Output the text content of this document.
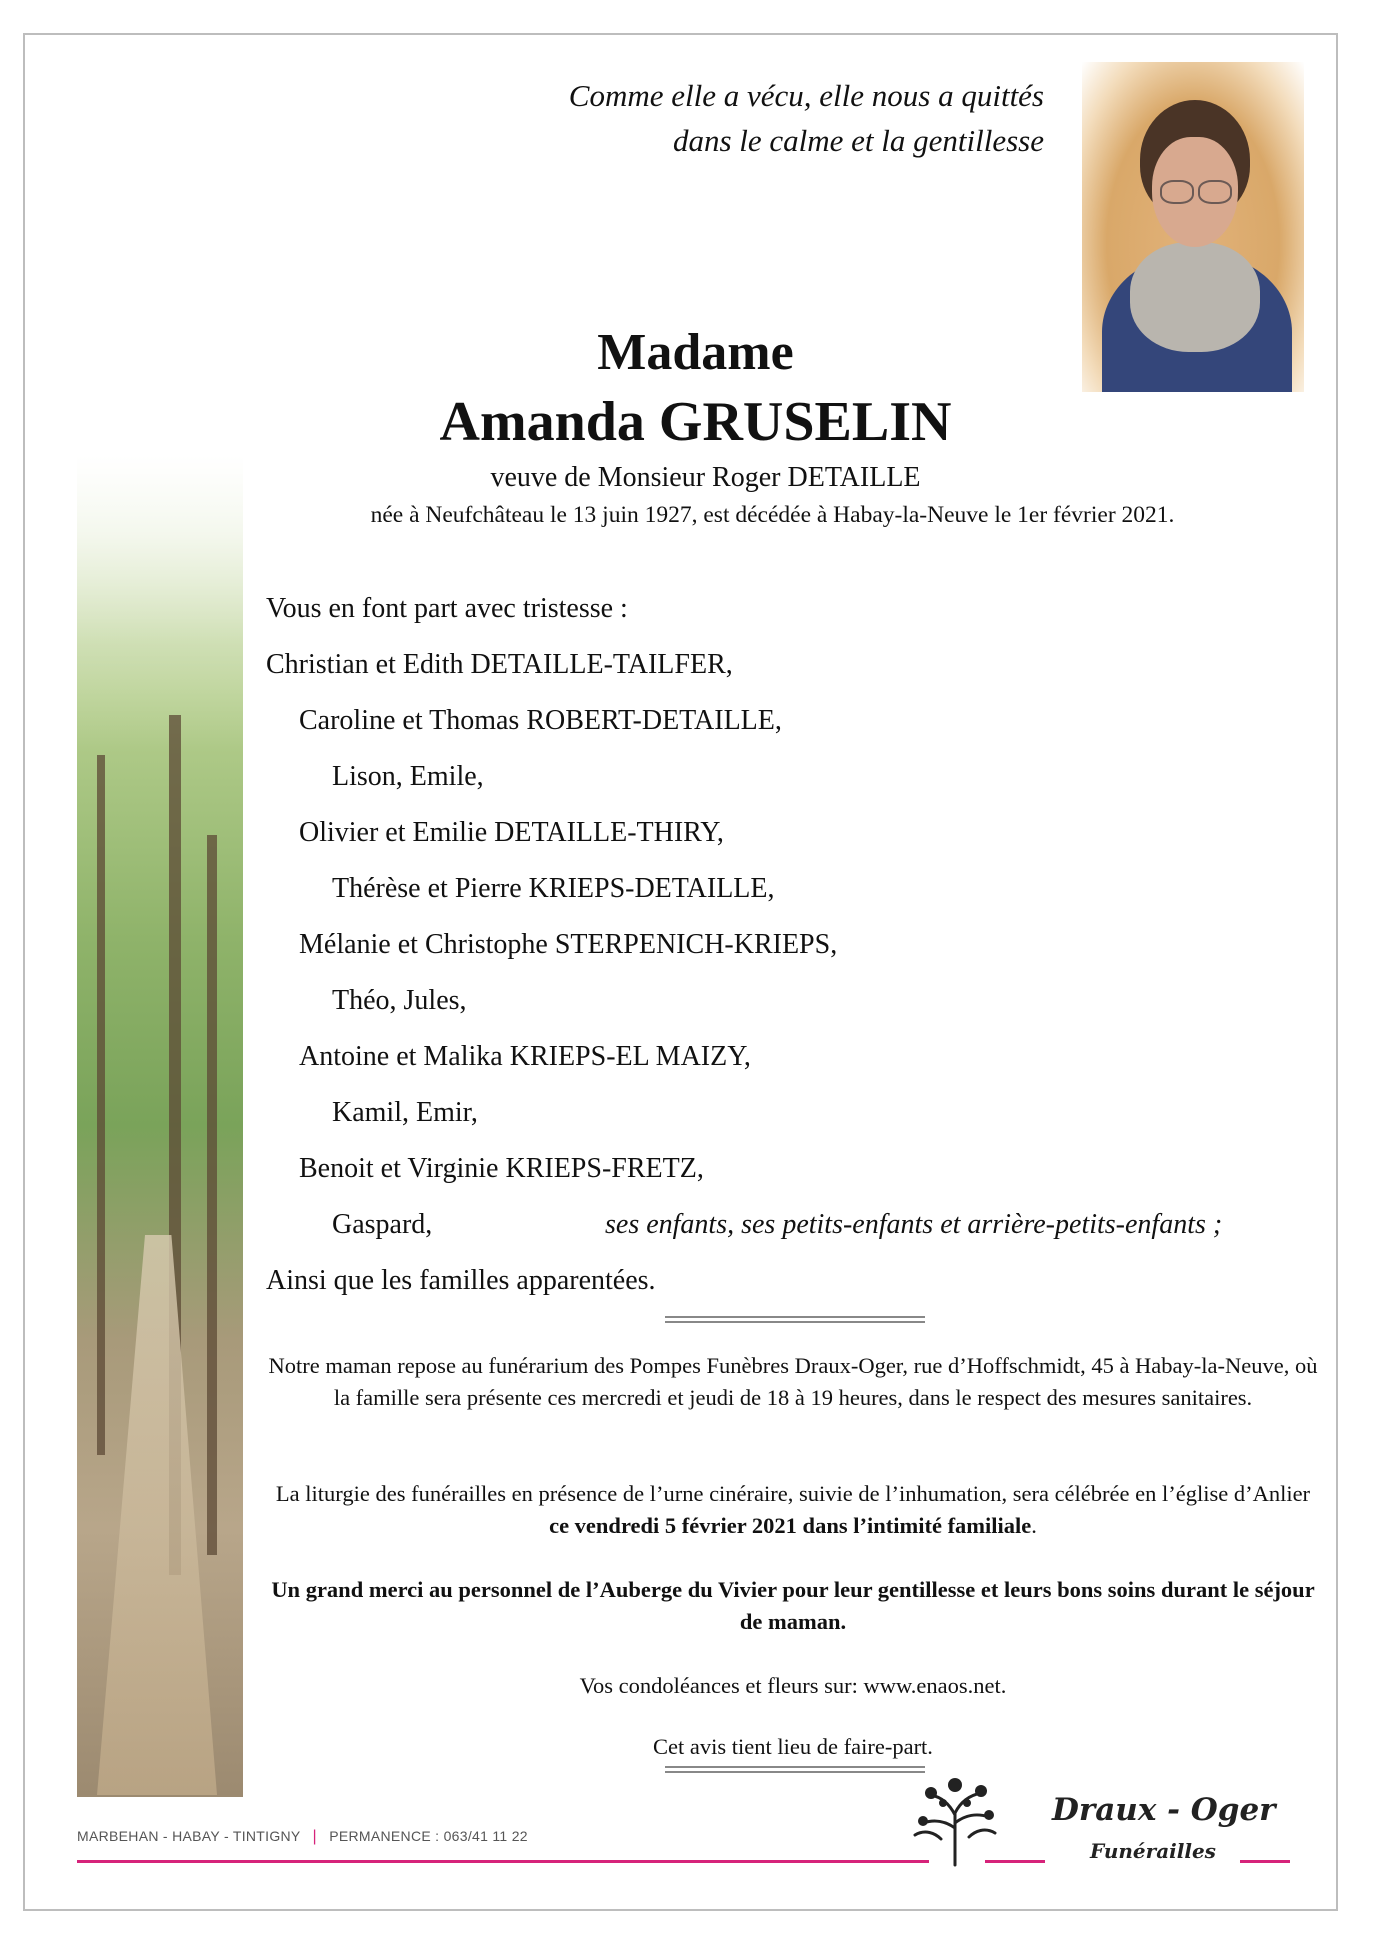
Comme elle a vécu, elle nous a quittés
dans le calme et la gentillesse
Madame
Amanda GRUSELIN
veuve de Monsieur Roger DETAILLE
née à Neufchâteau le 13 juin 1927, est décédée à Habay-la-Neuve le 1er février 2021.
Vous en font part avec tristesse :
Christian et Edith DETAILLE-TAILFER,
Caroline et Thomas ROBERT-DETAILLE,
Lison, Emile,
Olivier et Emilie DETAILLE-THIRY,
Thérèse et Pierre KRIEPS-DETAILLE,
Mélanie et Christophe STERPENICH-KRIEPS,
Théo, Jules,
Antoine et Malika KRIEPS-EL MAIZY,
Kamil, Emir,
Benoit et Virginie KRIEPS-FRETZ,
Gaspard,	ses enfants, ses petits-enfants et arrière-petits-enfants ;
Ainsi que les familles apparentées.
Notre maman repose au funérarium des Pompes Funèbres Draux-Oger, rue d’Hoffschmidt, 45 à Habay-la-Neuve, où la famille sera présente ces mercredi et jeudi de 18 à 19 heures, dans le respect des mesures sanitaires.
La liturgie des funérailles en présence de l’urne cinéraire, suivie de l’inhumation, sera célébrée en l’église d’Anlier ce vendredi 5 février 2021 dans l’intimité familiale.
Un grand merci au personnel de l’Auberge du Vivier pour leur gentillesse et leurs bons soins durant le séjour de maman.
Vos condoléances et fleurs sur: www.enaos.net.
Cet avis tient lieu de faire-part.
MARBEHAN - HABAY - TINTIGNY | PERMANENCE : 063/41 11 22
Draux - Oger
Funérailles
